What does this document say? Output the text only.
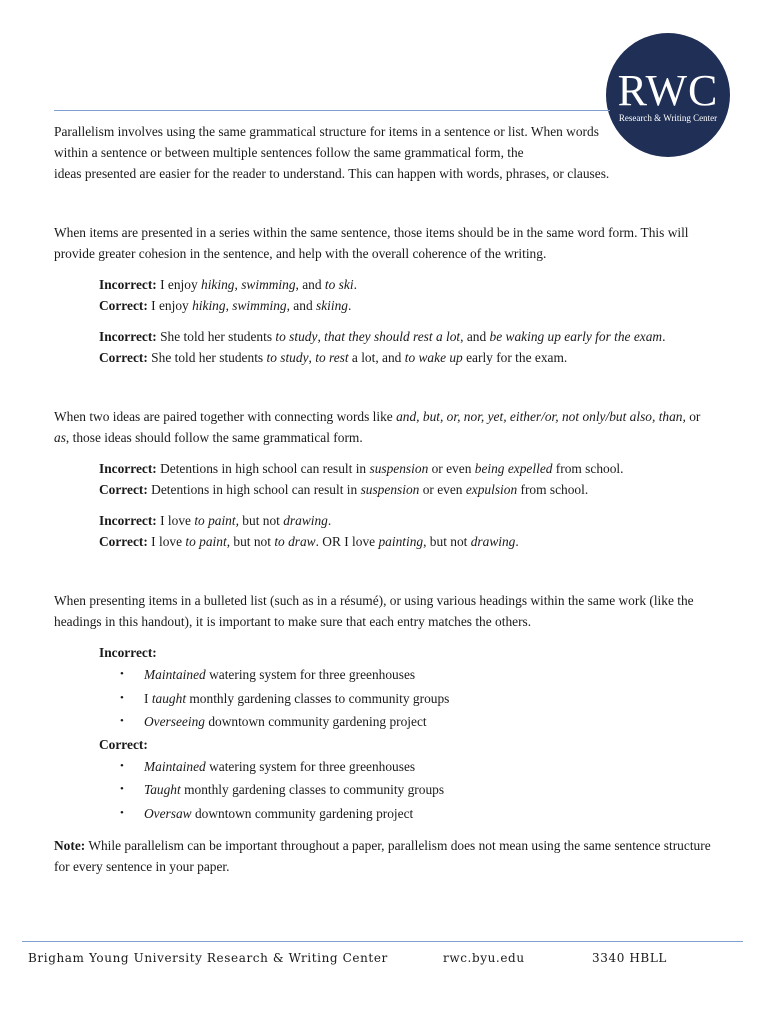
RWC
Research & Writing Center

Parallelism involves using the same grammatical structure for items in a sentence or list. When words within a sentence or between multiple sentences follow the same grammatical form, the
ideas presented are easier for the reader to understand. This can happen with words, phrases, or clauses.

When items are presented in a series within the same sentence, those items should be in the same word form. This will provide greater cohesion in the sentence, and help with the overall coherence of the writing.

Incorrect: I enjoy hiking, swimming, and to ski.

Correct: I enjoy hiking, swimming, and skiing.

Incorrect: She told her students to study, that they should rest a lot, and be waking up early for the exam.

Correct: She told her students to study, to rest a lot, and to wake up early for the exam.

When two ideas are paired together with connecting words like and, but, or, nor, yet, either/or, not only/but also, than, or as, those ideas should follow the same grammatical form.

Incorrect: Detentions in high school can result in suspension or even being expelled from school.

Correct: Detentions in high school can result in suspension or even expulsion from school.

Incorrect: I love to paint, but not drawing.

Correct: I love to paint, but not to draw. OR I love painting, but not drawing.

When presenting items in a bulleted list (such as in a résumé), or using various headings within the same work (like the headings in this handout), it is important to make sure that each entry matches the others.

Incorrect:

• Maintained watering system for three greenhouses
• I taught monthly gardening classes to community groups
• Overseeing downtown community gardening project

Correct:

• Maintained watering system for three greenhouses
• Taught monthly gardening classes to community groups
• Oversaw downtown community gardening project

Note: While parallelism can be important throughout a paper, parallelism does not mean using the same sentence structure for every sentence in your paper.

Brigham Young University Research & Writing Center	rwc.byu.edu	3340 HBLL
